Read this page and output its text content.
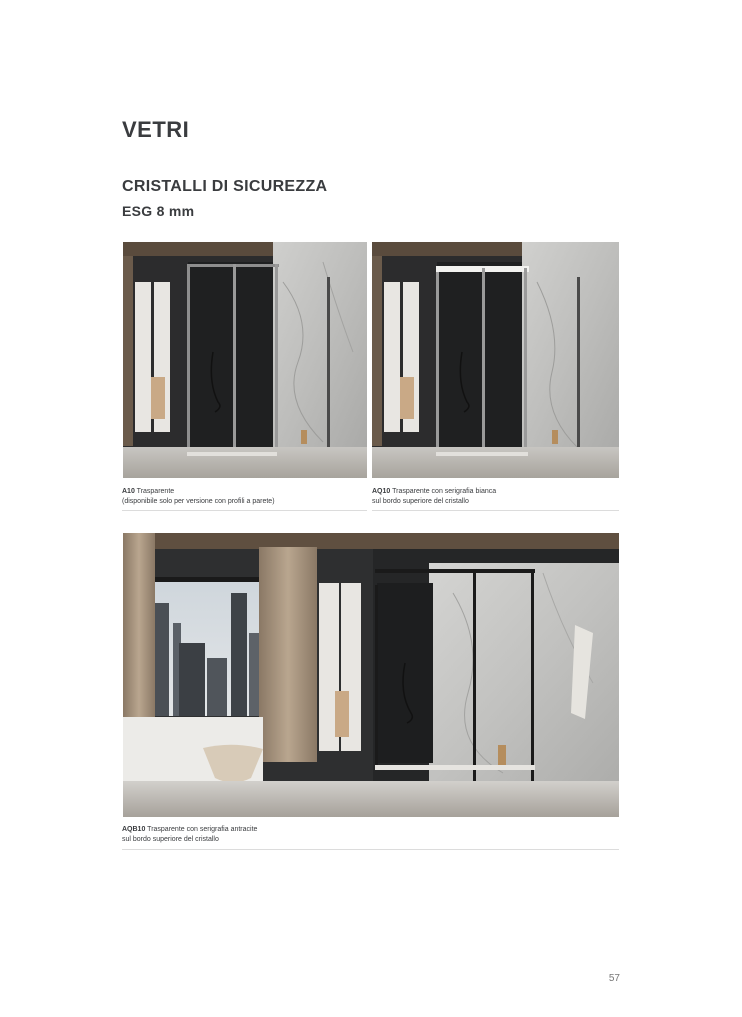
VETRI
CRISTALLI DI SICUREZZA
ESG 8 mm
A10 Trasparente
(disponibile solo per versione con profili a parete)
AQ10 Trasparente con serigrafia bianca
sul bordo superiore del cristallo
AQB10 Trasparente con serigrafia antracite
sul bordo superiore del cristallo
57
